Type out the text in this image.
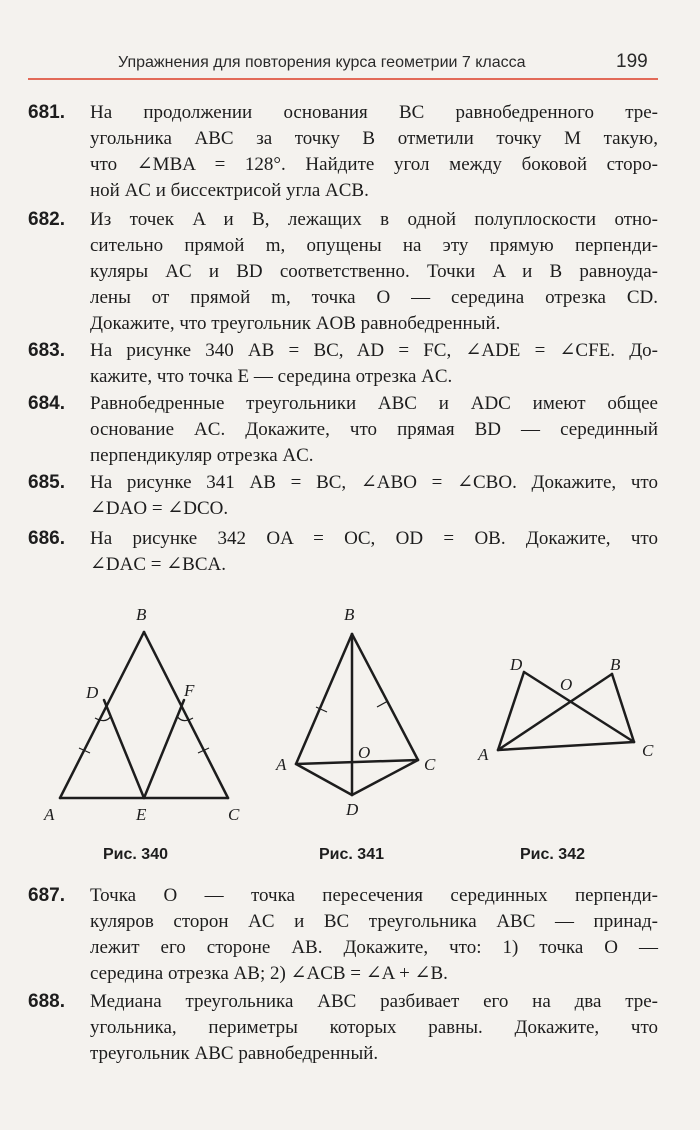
Упражнения для повторения курса геометрии 7 класса	199
681. На продолжении основания BC равнобедренного тре-
угольника ABC за точку B отметили точку M такую,
что ∠MBA = 128°. Найдите угол между боковой сторо-
ной AC и биссектрисой угла ACB.
682. Из точек A и B, лежащих в одной полуплоскости отно-
сительно прямой m, опущены на эту прямую перпенди-
куляры AC и BD соответственно. Точки A и B равноуда-
лены от прямой m, точка O — середина отрезка CD.
Докажите, что треугольник AOB равнобедренный.
683. На рисунке 340 AB = BC, AD = FC, ∠ADE = ∠CFE. До-
кажите, что точка E — середина отрезка AC.
684. Равнобедренные треугольники ABC и ADC имеют общее
основание AC. Докажите, что прямая BD — серединный
перпендикуляр отрезка AC.
685. На рисунке 341 AB = BC, ∠ABO = ∠CBO. Докажите, что
∠DAO = ∠DCO.
686. На рисунке 342 OA = OC, OD = OB. Докажите, что
∠DAC = ∠BCA.
B
D	F
A	E	C
B
A
O
C
D
D
O
B
A	C
Рис. 340	Рис. 341	Рис. 342
687. Точка O — точка пересечения серединных перпенди-
куляров сторон AC и BC треугольника ABC — принад-
лежит его стороне AB. Докажите, что: 1) точка O —
середина отрезка AB; 2) ∠ACB = ∠A + ∠B.
688. Медиана треугольника ABC разбивает его на два тре-
угольника, периметры которых равны. Докажите, что
треугольник ABC равнобедренный.
